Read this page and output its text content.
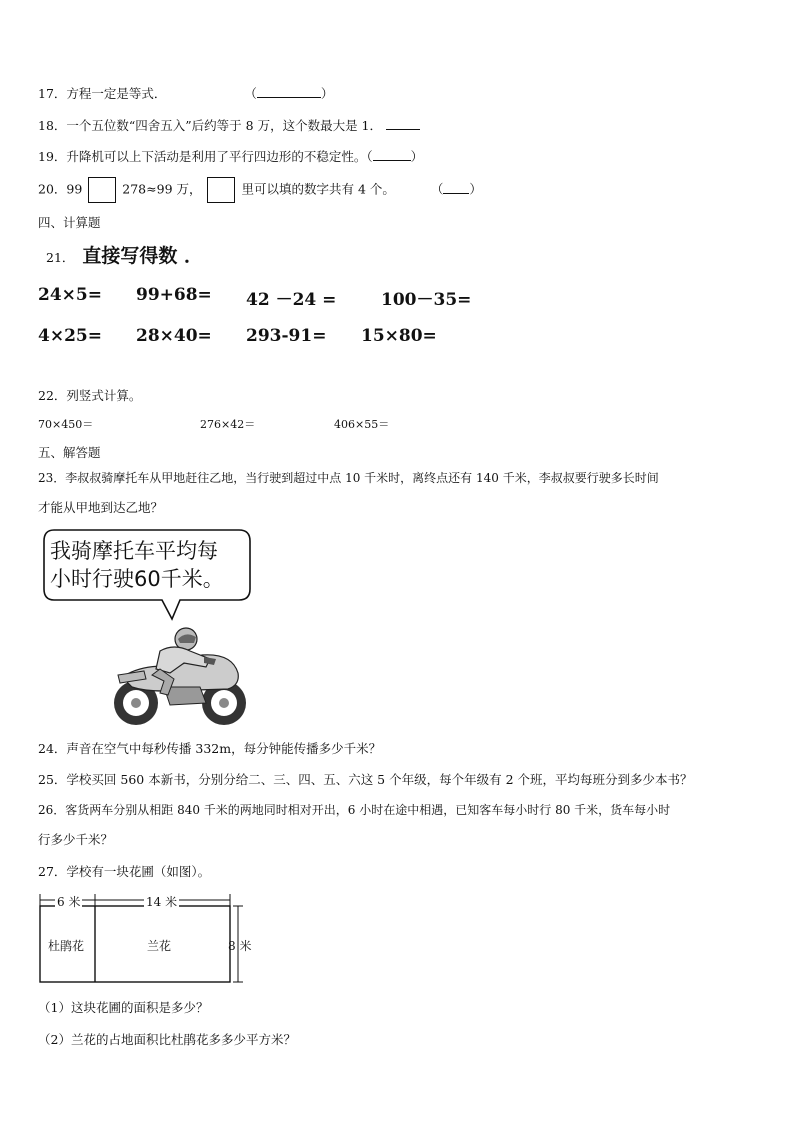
17．方程一定是等式．	（	）
18．一个五位数“四舍五入”后约等于 8 万，这个数最大是 1．
19．升降机可以上下活动是利用了平行四边形的不稳定性。（	）
20．99	278≈99 万，	里可以填的数字共有 4 个。	（ ）
四、计算题
21． 直接写得数 ．
24×5= 99+68= 42 －24 =	100－35=
4×25= 28×40= 293-91= 15×80=
22．列竖式计算。
70×450＝	276×42＝	406×55＝
五、解答题
23．李叔叔骑摩托车从甲地赶往乙地，当行驶到超过中点 10 千米时，离终点还有 140 千米，李叔叔要行驶多长时间
才能从甲地到达乙地？
我骑摩托车平均每
小时行驶60千米。
24．声音在空气中每秒传播 332m，每分钟能传播多少千米？
25．学校买回 560 本新书，分别分给二、三、四、五、六这 5 个年级，每个年级有 2 个班，平均每班分到多少本书？
26．客货两车分别从相距 840 千米的两地同时相对开出，6 小时在途中相遇，已知客车每小时行 80 千米，货车每小时
行多少千米？
27．学校有一块花圃（如图）。
6 米	14 米
8 米
杜鹃花	兰花
（1）这块花圃的面积是多少？
（2）兰花的占地面积比杜鹃花多多少平方米？
